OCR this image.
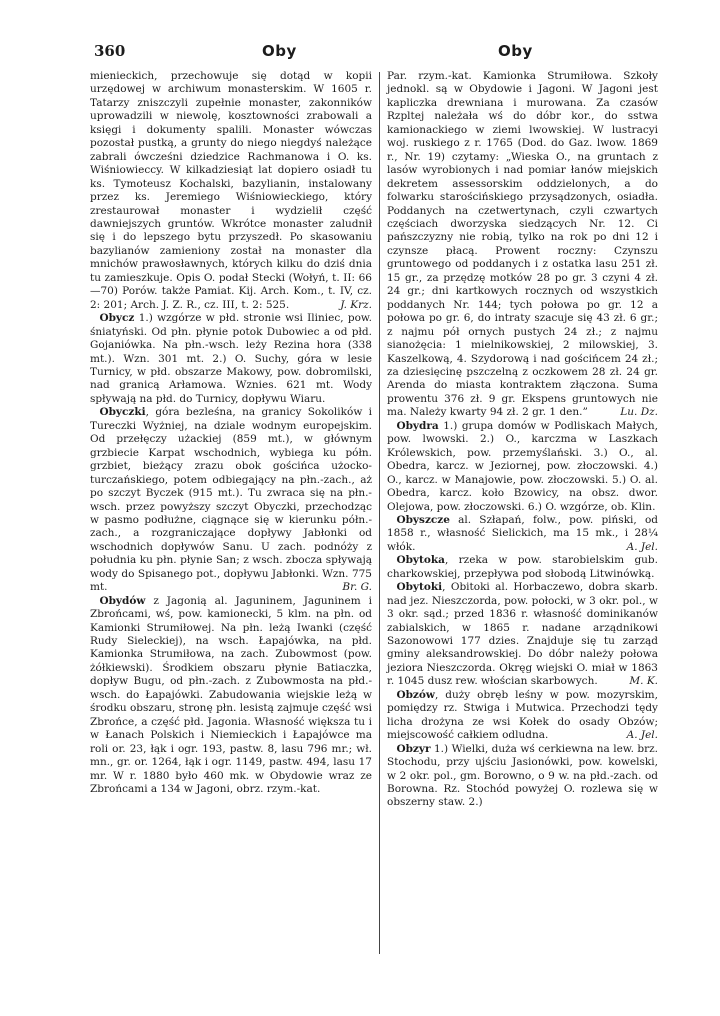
360	Oby	Oby

mienieckich, przechowuje się dotąd w kopii urzędowej w archiwum monasterskim. W 1605 r. Tatarzy zniszczyli zupełnie monaster, zakonników uprowadzili w niewolę, kosztowności zrabowali a księgi i dokumenty spalili. Monaster wówczas pozostał pustką, a grunty do niego niegdyś należące zabrali ówcześni dziedzice Rachmanowa i O. ks. Wiśniowieccy. W kilkadziesiąt lat dopiero osiadł tu ks. Tymoteusz Kochalski, bazylianin, instalowany przez ks. Jeremiego Wiśniowieckiego, który zrestaurował monaster i wydzielił część dawniejszych gruntów. Wkrótce monaster zaludnił się i do lepszego bytu przyszedł. Po skasowaniu bazylianów zamieniony został na monaster dla mnichów prawosławnych, których kilku do dziś dnia tu zamieszkuje. Opis O. podał Stecki (Wołyń, t. II: 66—70) Porów. także Pamiat. Kij. Arch. Kom., t. IV, cz. 2: 201; Arch. J. Z. R., cz. III, t. 2: 525.	J. Krz.

Obycz 1.) wzgórze w płd. stronie wsi Iliniec, pow. śniatyński. Od płn. płynie potok Dubowiec a od płd. Gojaniówka. Na płn.-wsch. leży Rezina hora (338 mt.). Wzn. 301 mt. 2.) O. Suchy, góra w lesie Turnicy, w płd. obszarze Makowy, pow. dobromilski, nad granicą Arłamowa. Wznies. 621 mt. Wody spływają na płd. do Turnicy, dopływu Wiaru.

Obyczki, góra bezleśna, na granicy Sokolików i Tureczki Wyżniej, na dziale wodnym europejskim. Od przełęczy użackiej (859 mt.), w głównym grzbiecie Karpat wschodnich, wybiega ku półn. grzbiet, bieżący zrazu obok gościńca użocko-turczańskiego, potem odbiegający na płn.-zach., aż po szczyt Byczek (915 mt.). Tu zwraca się na płn.-wsch. przez powyższy szczyt Obyczki, przechodząc w pasmo podłużne, ciągnące się w kierunku półn.-zach., a rozgraniczające dopływy Jabłonki od wschodnich dopływów Sanu. U zach. podnóży z południa ku płn. płynie San; z wsch. zbocza spływają wody do Spisanego pot., dopływu Jabłonki. Wzn. 775 mt.	Br. G.

Obydów z Jagonią al. Jaguninem, Jaguninem i Zbrońcami, wś, pow. kamionecki, 5 klm. na płn. od Kamionki Strumiłowej. Na płn. leżą Iwanki (część Rudy Sieleckiej), na wsch. Łapajówka, na płd. Kamionka Strumiłowa, na zach. Zubowmost (pow. żółkiewski). Środkiem obszaru płynie Batiaczka, dopływ Bugu, od płn.-zach. z Zubowmosta na płd.-wsch. do Łapajówki. Zabudowania wiejskie leżą w środku obszaru, stronę płn. lesistą zajmuje część wsi Zbrońce, a część płd. Jagonia. Własność większa tu i w Łanach Polskich i Niemieckich i Łapajówce ma roli or. 23, łąk i ogr. 193, pastw. 8, lasu 796 mr.; wł. mn., gr. or. 1264, łąk i ogr. 1149, pastw. 494, lasu 17 mr. W r. 1880 było 460 mk. w Obydowie wraz ze Zbrońcami a 134 w Jagoni, obrz. rzym.-kat.

Par. rzym.-kat. Kamionka Strumiłowa. Szkoły jednokl. są w Obydowie i Jagoni. W Jagoni jest kapliczka drewniana i murowana. Za czasów Rzpltej należała wś do dóbr kor., do sstwa kamionackiego w ziemi lwowskiej. W lustracyi woj. ruskiego z r. 1765 (Dod. do Gaz. lwow. 1869 r., Nr. 19) czytamy: „Wieska O., na gruntach z lasów wyrobionych i nad pomiar łanów miejskich dekretem assessorskim oddzielonych, a do folwarku starościńskiego przysądzonych, osiadła. Poddanych na czetwertynach, czyli czwartych częściach dworzyska siedzących Nr. 12. Ci pańszczyzny nie robią, tylko na rok po dni 12 i czynsze płacą. Prowent roczny: Czynszu gruntowego od poddanych i z ostatka lasu 251 zł. 15 gr., za przędzę motków 28 po gr. 3 czyni 4 zł. 24 gr.; dni kartkowych rocznych od wszystkich poddanych Nr. 144; tych połowa po gr. 12 a połowa po gr. 6, do intraty szacuje się 43 zł. 6 gr.; z najmu pół ornych pustych 24 zł.; z najmu sianożęcia: 1 mielnikowskiej, 2 milowskiej, 3. Kaszelkową, 4. Szydorową i nad gościńcem 24 zł.; za dziesięcinę pszczelną z oczkowem 28 zł. 24 gr. Arenda do miasta kontraktem złączona. Suma prowentu 376 zł. 9 gr. Ekspens gruntowych nie ma. Należy kwarty 94 zł. 2 gr. 1 den.”	Lu. Dz.

Obydra 1.) grupa domów w Podliskach Małych, pow. lwowski. 2.) O., karczma w Laszkach Królewskich, pow. przemyślański. 3.) O., al. Obedra, karcz. w Jeziornej, pow. złoczowski. 4.) O., karcz. w Manajowie, pow. złoczowski. 5.) O. al. Obedra, karcz. koło Bzowicy, na obsz. dwor. Olejowa, pow. złoczowski. 6.) O. wzgórze, ob. Klin.

Obyszcze al. Szłapań, folw., pow. piński, od 1858 r., własność Sielickich, ma 15 mk., i 28¼ włók.	A. Jel.

Obytoka, rzeka w pow. starobielskim gub. charkowskiej, przepływa pod słobodą Litwinówką.

Obytoki, Obitoki al. Horbaczewo, dobra skarb. nad jez. Nieszczorda, pow. połocki, w 3 okr. pol., w 3 okr. sąd.; przed 1836 r. własność dominikanów zabialskich, w 1865 r. nadane arządnikowi Sazonowowi 177 dzies. Znajduje się tu zarząd gminy aleksandrowskiej. Do dóbr należy połowa jeziora Nieszczorda. Okręg wiejski O. miał w 1863 r. 1045 dusz rew. włościan skarbowych.	M. K.

Obzów, duży obręb leśny w pow. mozyrskim, pomiędzy rz. Stwiga i Mutwica. Przechodzi tędy licha drożyna ze wsi Kołek do osady Obzów; miejscowość całkiem odludna.	A. Jel.

Obzyr 1.) Wielki, duża wś cerkiewna na lew. brz. Stochodu, przy ujściu Jasionówki, pow. kowelski, w 2 okr. pol., gm. Borowno, o 9 w. na płd.-zach. od Borowna. Rz. Stochód powyżej O. rozlewa się w obszerny staw. 2.)
